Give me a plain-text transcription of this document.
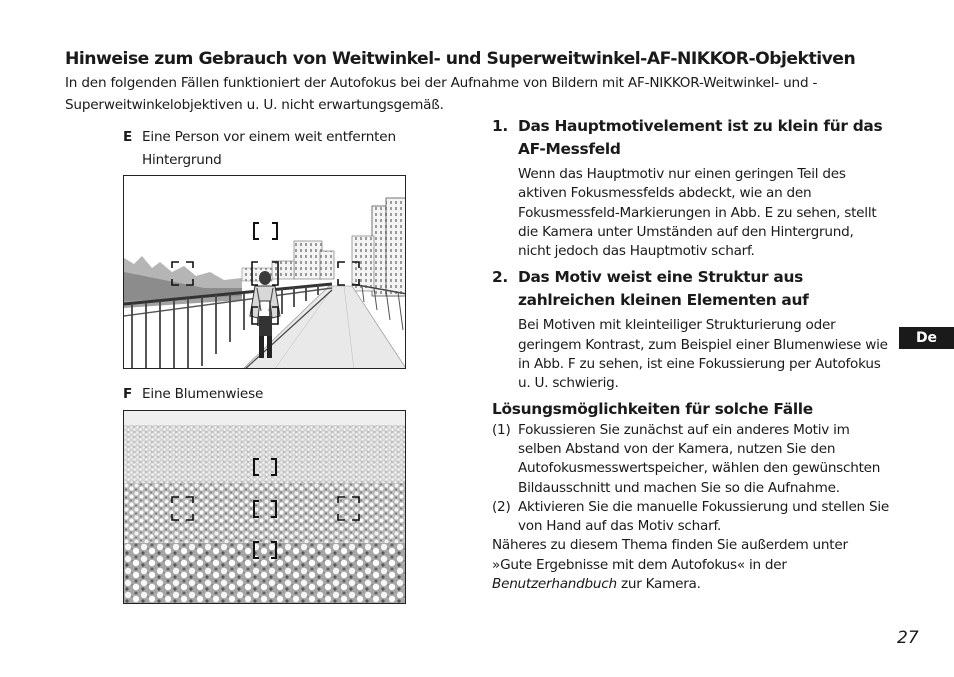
Hinweise zum Gebrauch von Weitwinkel- und Superweitwinkel-AF-NIKKOR-Objektiven
In den folgenden Fällen funktioniert der Autofokus bei der Aufnahme von Bildern mit AF-NIKKOR-Weitwinkel- und -
Superweitwinkelobjektiven u. U. nicht erwartungsgemäß.
E Eine Person vor einem weit entfernten Hintergrund
F Eine Blumenwiese
1. Das Hauptmotivelement ist zu klein für das AF-Messfeld
Wenn das Hauptmotiv nur einen geringen Teil des aktiven Fokusmessfelds abdeckt, wie an den Fokusmessfeld-Markierungen in Abb. E zu sehen, stellt die Kamera unter Umständen auf den Hintergrund, nicht jedoch das Hauptmotiv scharf.
2. Das Motiv weist eine Struktur aus zahlreichen kleinen Elementen auf
Bei Motiven mit kleinteiliger Strukturierung oder geringem Kontrast, zum Beispiel einer Blumenwiese wie in Abb. F zu sehen, ist eine Fokussierung per Autofokus u. U. schwierig.
Lösungsmöglichkeiten für solche Fälle
(1) Fokussieren Sie zunächst auf ein anderes Motiv im selben Abstand von der Kamera, nutzen Sie den Autofokusmesswertspeicher, wählen den gewünschten Bildausschnitt und machen Sie so die Aufnahme.
(2) Aktivieren Sie die manuelle Fokussierung und stellen Sie von Hand auf das Motiv scharf.
Näheres zu diesem Thema finden Sie außerdem unter »Gute Ergebnisse mit dem Autofokus« in der Benutzerhandbuch zur Kamera.
De
27
